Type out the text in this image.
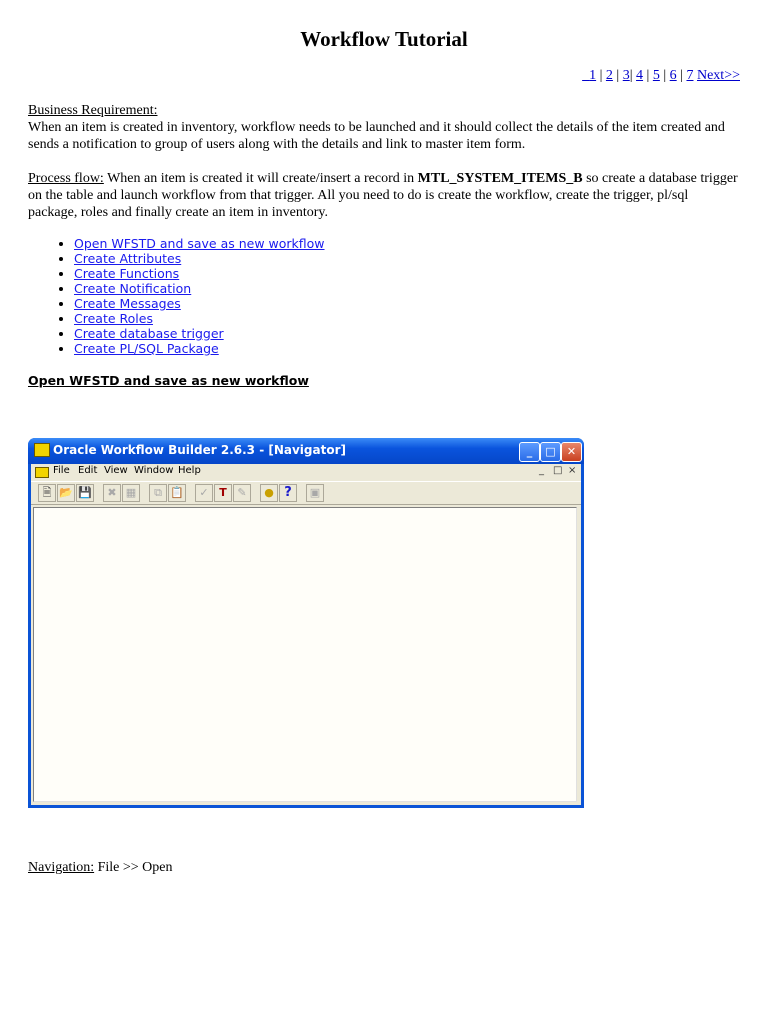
Workflow Tutorial
1 | 2 | 3| 4 | 5 | 6 | 7 Next>>
Business Requirement:
When an item is created in inventory, workflow needs to be launched and it should collect the details of the item created and sends a notification to group of users along with the details and link to master item form.
Process flow: When an item is created it will create/insert a record in MTL_SYSTEM_ITEMS_B so create a database trigger on the table and launch workflow from that trigger. All you need to do is create the workflow, create the trigger, pl/sql package, roles and finally create an item in inventory.
• Open WFSTD and save as new workflow
• Create Attributes
• Create Functions
• Create Notification
• Create Messages
• Create Roles
• Create database trigger
• Create PL/SQL Package
Open WFSTD and save as new workflow
Oracle Workflow Builder 2.6.3 - [Navigator]	_	□	✕
File Edit View Window Help	_ □ ×
🗎 📂 💾	✖ ▦	⧉ 📋	✓ T ✎	● ?	▣
Navigation: File >> Open
